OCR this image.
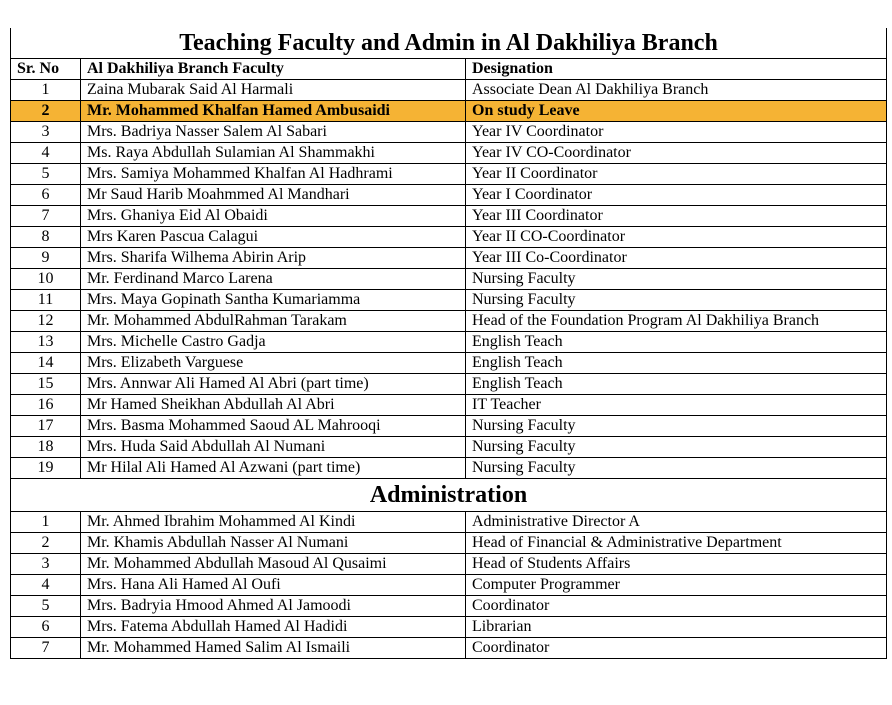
Teaching Faculty and Admin in Al Dakhiliya Branch		
Sr. No	Al Dakhiliya Branch Faculty	Designation
1	Zaina Mubarak Said Al Harmali	Associate Dean Al Dakhiliya Branch
2	Mr. Mohammed Khalfan Hamed Ambusaidi	On study Leave
3	Mrs. Badriya Nasser Salem Al Sabari	Year IV Coordinator
4	Ms. Raya Abdullah Sulamian Al Shammakhi	Year IV CO-Coordinator
5	Mrs. Samiya Mohammed Khalfan Al Hadhrami	Year II Coordinator
6	Mr Saud Harib Moahmmed Al Mandhari	Year I Coordinator
7	Mrs. Ghaniya Eid Al Obaidi	Year III Coordinator
8	Mrs Karen Pascua Calagui	Year II CO-Coordinator
9	Mrs. Sharifa Wilhema Abirin Arip	Year III Co-Coordinator
10	Mr. Ferdinand Marco Larena	Nursing Faculty
11	Mrs. Maya Gopinath Santha Kumariamma	Nursing Faculty
12	Mr. Mohammed AbdulRahman Tarakam	Head of the Foundation Program Al Dakhiliya Branch
13	Mrs. Michelle Castro Gadja	English Teach
14	Mrs. Elizabeth Varguese	English Teach
15	Mrs. Annwar Ali Hamed Al Abri (part time)	English Teach
16	Mr Hamed Sheikhan Abdullah Al Abri	IT Teacher
17	Mrs. Basma Mohammed Saoud AL Mahrooqi	Nursing Faculty
18	Mrs. Huda Said Abdullah Al Numani	Nursing Faculty
19	Mr Hilal Ali Hamed Al Azwani (part time)	Nursing Faculty
Administration		
1	Mr. Ahmed Ibrahim Mohammed Al Kindi	Administrative Director A
2	Mr. Khamis Abdullah Nasser Al Numani	Head of Financial & Administrative Department
3	Mr. Mohammed Abdullah Masoud Al Qusaimi	Head of Students Affairs
4	Mrs. Hana Ali Hamed Al Oufi	Computer Programmer
5	Mrs. Badryia Hmood Ahmed Al Jamoodi	Coordinator
6	Mrs. Fatema Abdullah Hamed Al Hadidi	Librarian
7	Mr. Mohammed Hamed Salim Al Ismaili	Coordinator
